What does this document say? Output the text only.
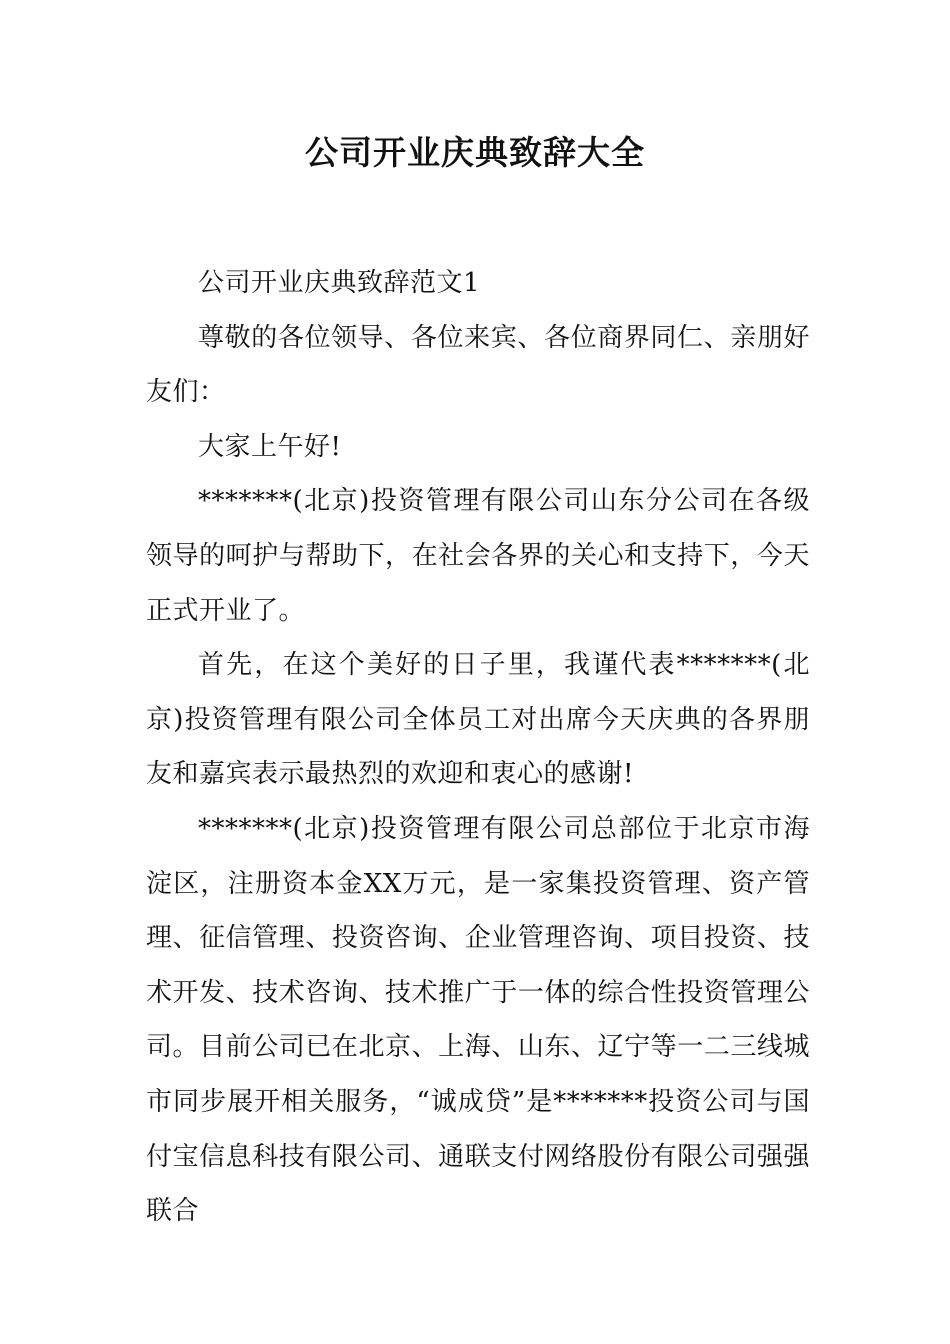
公司开业庆典致辞大全

公司开业庆典致辞范文1

尊敬的各位领导、各位来宾、各位商界同仁、亲朋好友们：

大家上午好!

*******(北京)投资管理有限公司山东分公司在各级领导的呵护与帮助下，在社会各界的关心和支持下，今天正式开业了。

首先，在这个美好的日子里，我谨代表*******(北京)投资管理有限公司全体员工对出席今天庆典的各界朋友和嘉宾表示最热烈的欢迎和衷心的感谢!

*******(北京)投资管理有限公司总部位于北京市海淀区，注册资本金XX万元，是一家集投资管理、资产管理、征信管理、投资咨询、企业管理咨询、项目投资、技术开发、技术咨询、技术推广于一体的综合性投资管理公司。目前公司已在北京、上海、山东、辽宁等一二三线城市同步展开相关服务，“诚成贷”是*******投资公司与国付宝信息科技有限公司、通联支付网络股份有限公司强强联合
